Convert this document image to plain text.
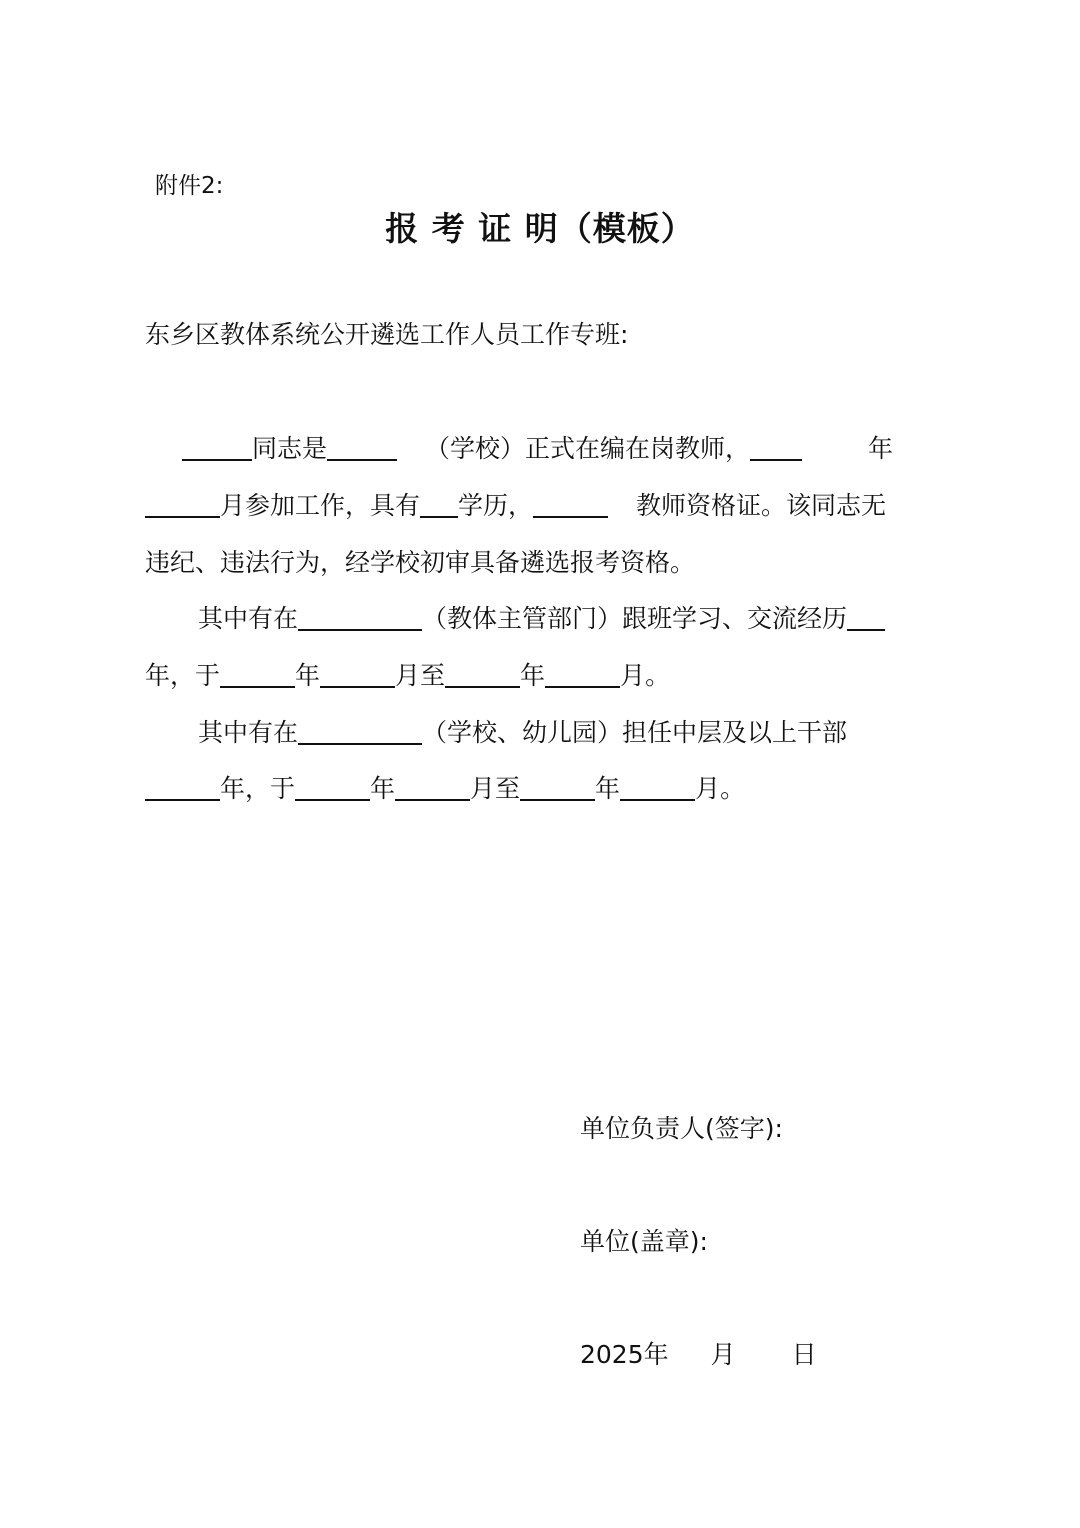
附件2:
报 考 证 明（模板）
东乡区教体系统公开遴选工作人员工作专班:
同志是	（学校）正式在编在岗教师，	年
月参加工作，具有 学历，	教师资格证。该同志无
违纪、违法行为，经学校初审具备遴选报考资格。
其中有在	（教体主管部门）跟班学习、交流经历
年，于	年	月至	年	月。
其中有在	（学校、幼儿园）担任中层及以上干部
年，于	年	月至	年	月。
单位负责人(签字):
单位(盖章):
2025年 月 日
